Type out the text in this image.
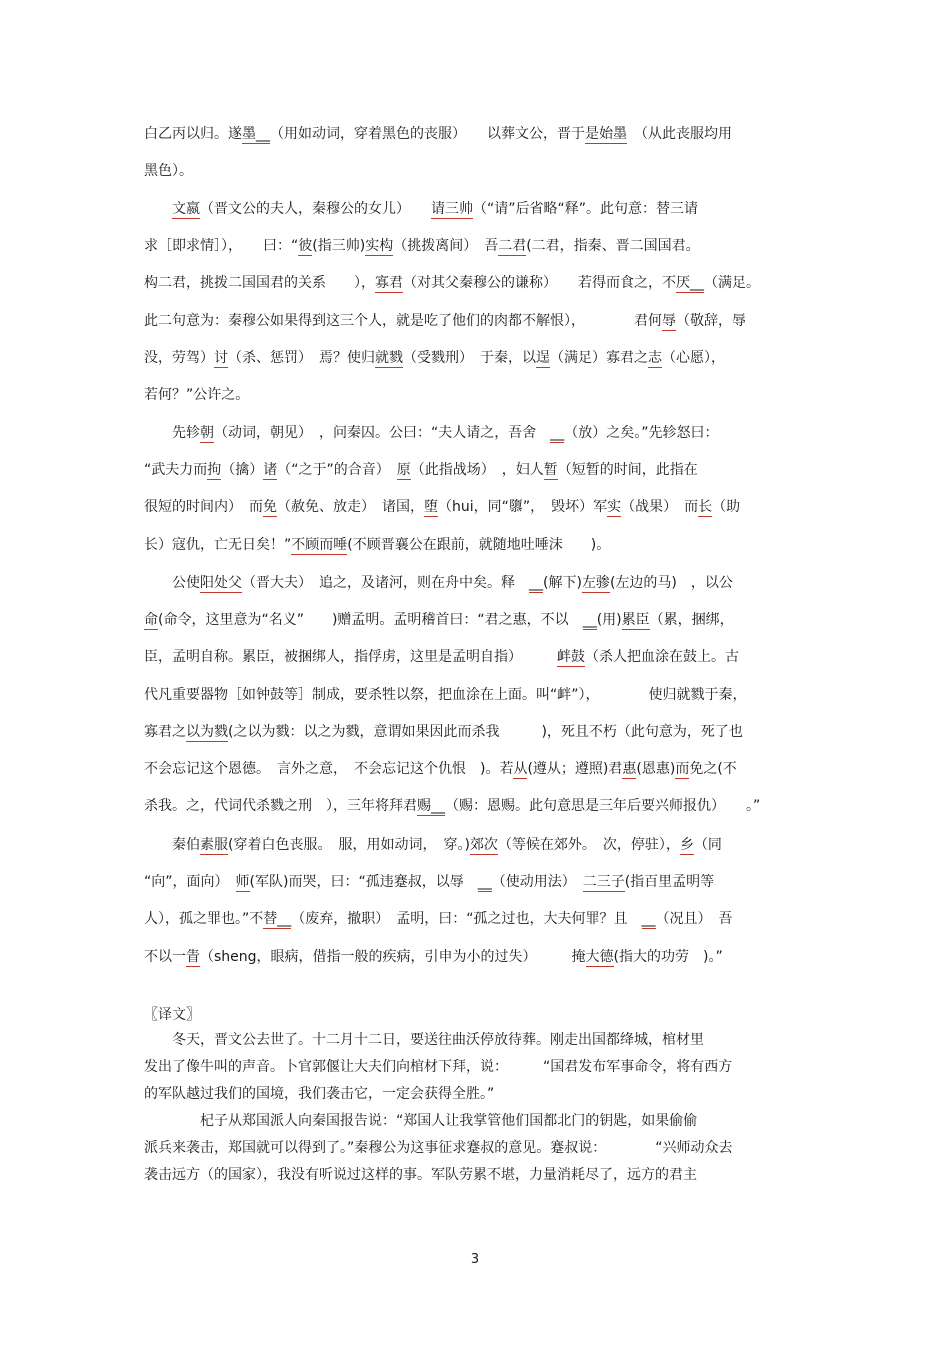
白乙丙以归。遂墨__（用如动词，穿着黑色的丧服）　　以葬文公，晋于是始墨　（从此丧服均用
黑色）。
　　文嬴（晋文公的夫人，秦穆公的女儿）　　请三帅（“请”后省略“释”。此句意：替三请
求［即求情］），　　曰：“彼(指三帅)实构（挑拨离间）　吾二君(二君，指秦、晋二国国君。
构二君，挑拨二国国君的关系　　），寡君（对其父秦穆公的谦称）　　若得而食之，不厌__（满足。
此二句意为：秦穆公如果得到这三个人，就是吃了他们的肉都不解恨），　　　　君何辱（敬辞，辱
没，劳驾）讨（杀、惩罚）　焉？使归就戮（受戮刑）　于秦，以逞（满足）寡君之志（心愿），
若何？”公许之。
　　先轸朝（动词，朝见）　，问秦囚。公曰：“夫人请之，吾舍　__（放）之矣。”先轸怒曰：
“武夫力而拘（擒）诸（“之于”的合音）　原（此指战场）　，妇人暂（短暂的时间，此指在
很短的时间内）　而免（赦免、放走）　诸国，堕（hui，同“隳”，　毁坏）军实（战果）　而长（助
长）寇仇，亡无日矣！”不顾而唾(不顾晋襄公在跟前，就随地吐唾沫　　)。
　　公使阳处父（晋大夫）　追之，及诸河，则在舟中矣。释　__(解下)左骖(左边的马)　，以公
命(命令，这里意为“名义”　　)赠孟明。孟明稽首曰：“君之惠，不以　__(用)累臣（累，捆绑，
臣，孟明自称。累臣，被捆绑人，指俘虏，这里是孟明自指）　　　衅鼓（杀人把血涂在鼓上。古
代凡重要器物［如钟鼓等］制成，要杀牲以祭，把血涂在上面。叫“衅”），　　　　使归就戮于秦，
寡君之以为戮(之以为戮：以之为戮，意谓如果因此而杀我　　　)，死且不朽（此句意为，死了也
不会忘记这个恩德。　言外之意，　不会忘记这个仇恨　)。若从(遵从；遵照)君惠(恩惠)而免之(不
杀我。之，代词代杀戮之刑　），三年将拜君赐__（赐：恩赐。此句意思是三年后要兴师报仇）　　。”
　　秦伯素服(穿着白色丧服。　服，用如动词，　穿。)郊次（等候在郊外。　次，停驻），乡（同
“向”，面向）　师(军队)而哭，曰：“孤违蹇叔，以辱　__（使动用法）　二三子(指百里孟明等
人），孤之罪也。”不替__（废弃，撤职）　孟明，曰：“孤之过也，大夫何罪？且　__（况且）　吾
不以一眚（sheng，眼病，借指一般的疾病，引申为小的过失）　　　掩大德(指大的功劳　)。”
〖译文〗
　　冬天，晋文公去世了。十二月十二日，要送往曲沃停放待葬。刚走出国都绛城，棺材里
发出了像牛叫的声音。卜官郭偃让大夫们向棺材下拜，说：　　　“国君发布军事命令，将有西方
的军队越过我们的国境，我们袭击它，一定会获得全胜。”
　　　　杞子从郑国派人向秦国报告说：“郑国人让我掌管他们国都北门的钥匙，如果偷偷
派兵来袭击，郑国就可以得到了。”秦穆公为这事征求蹇叔的意见。蹇叔说：　　　　“兴师动众去
袭击远方（的国家），我没有听说过这样的事。军队劳累不堪，力量消耗尽了，远方的君主
3
